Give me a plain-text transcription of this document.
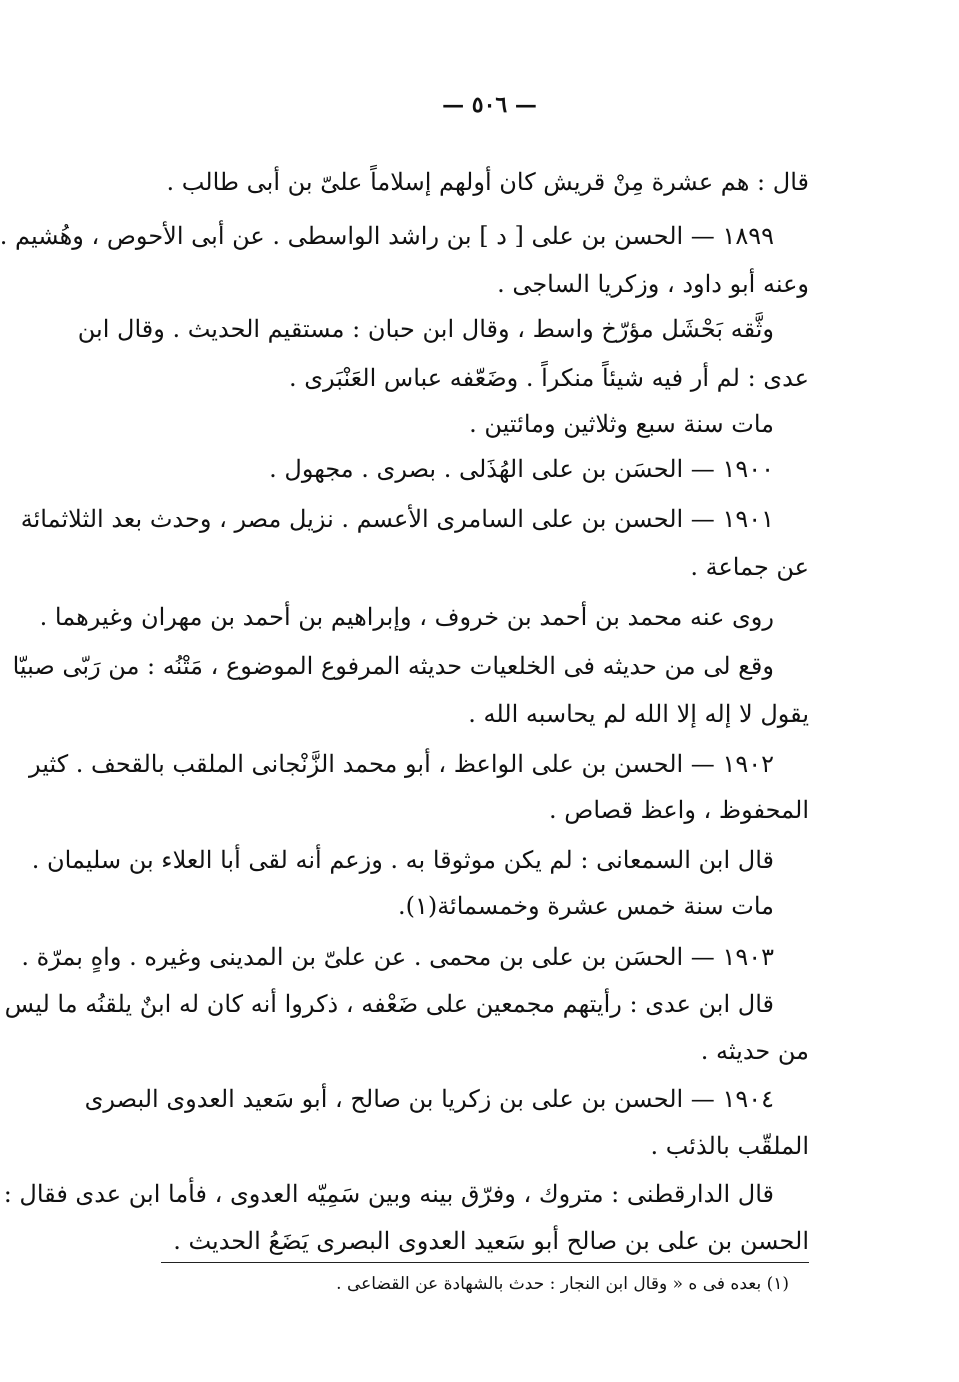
— ٥٠٦ —
قال : هم عشرة مِنْ قريش كان أولهم إسلاماً علىّ بن أبى طالب .
١٨٩٩ — الحسن بن على [ د ] بن راشد الواسطى . عن أبى الأحوص ، وهُشيم .
وعنه أبو داود ، وزكريا الساجى .
وثَّقه بَحْشَل مؤرّخ واسط ، وقال ابن حبان : مستقيم الحديث . وقال ابن
عدى : لم أر فيه شيئاً منكراً . وضَعّفه عباس العَنْبَرى .
مات سنة سبع وثلاثين ومائتين .
١٩٠٠ — الحسَن بن على الهُذَلى . بصرى . مجهول .
١٩٠١ — الحسن بن على السامرى الأعسم . نزيل مصر ، وحدث بعد الثلاثمائة
عن جماعة .
روى عنه محمد بن أحمد بن خروف ، وإبراهيم بن أحمد بن مهران وغيرهما .
وقع لى من حديثه فى الخلعيات حديثه المرفوع الموضوع ، مَتْنُه : من رَبّى صبيّا
يقول لا إله إلا الله لم يحاسبه الله .
١٩٠٢ — الحسن بن على الواعظ ، أبو محمد الزَّنْجانى الملقب بالقحف . كثير
المحفوظ ، واعظ قصاص .
قال ابن السمعانى : لم يكن موثوقا به . وزعم أنه لقى أبا العلاء بن سليمان .
مات سنة خمس عشرة وخمسمائة(١).
١٩٠٣ — الحسَن بن على بن محمى . عن علىّ بن المدينى وغيره . واهٍ بمرّة .
قال ابن عدى : رأيتهم مجمعين على ضَعْفه ، ذكروا أنه كان له ابنٌ يلقنُه ما ليس
من حديثه .
١٩٠٤ — الحسن بن على بن زكريا بن صالح ، أبو سَعيد العدوى البصرى
الملقّب بالذئب .
قال الدارقطنى : متروك ، وفرّق بينه وبين سَمِيّه العدوى ، فأما ابن عدى فقال :
الحسن بن على بن صالح أبو سَعيد العدوى البصرى يَضَعُ الحديث .
(١) بعده فى ه « وقال ابن النجار : حدث بالشهادة عن القضاعى .
